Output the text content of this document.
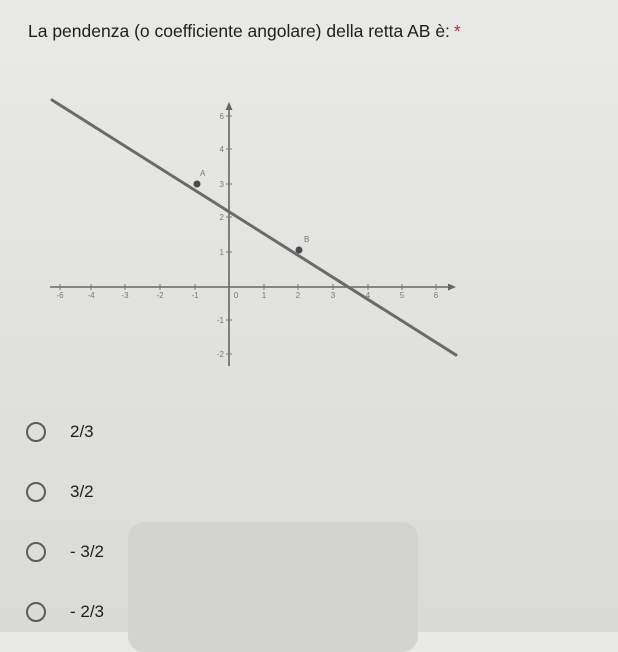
La pendenza (o coefficiente angolare) della retta AB è: *
-6	-4	-3	-2	-1	0	1	2	3	4	5	6
6
4
3
2
1
-1
-2
A
B
2/3
3/2
- 3/2
- 2/3
